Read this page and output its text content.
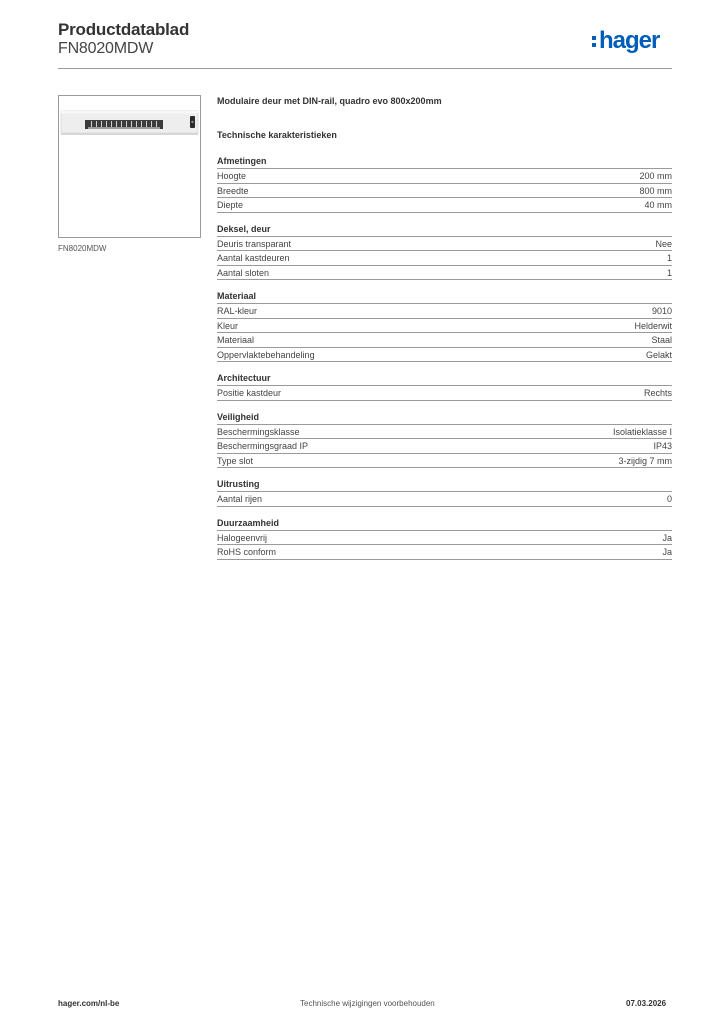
Productdatablad
FN8020MDW	hager
FN8020MDW
Modulaire deur met DIN-rail, quadro evo 800x200mm
Technische karakteristieken
Afmetingen
Hoogte	200 mm
Breedte	800 mm
Diepte	40 mm
Deksel, deur
Deuris transparant	Nee
Aantal kastdeuren	1
Aantal sloten	1
Materiaal
RAL-kleur	9010
Kleur	Helderwit
Materiaal	Staal
Oppervlaktebehandeling	Gelakt
Architectuur
Positie kastdeur	Rechts
Veiligheid
Beschermingsklasse	Isolatieklasse I
Beschermingsgraad IP	IP43
Type slot	3-zijdig 7 mm
Uitrusting
Aantal rijen	0
Duurzaamheid
Halogeenvrij	Ja
RoHS conform	Ja
hager.com/nl-be	Technische wijzigingen voorbehouden	07.03.2026
